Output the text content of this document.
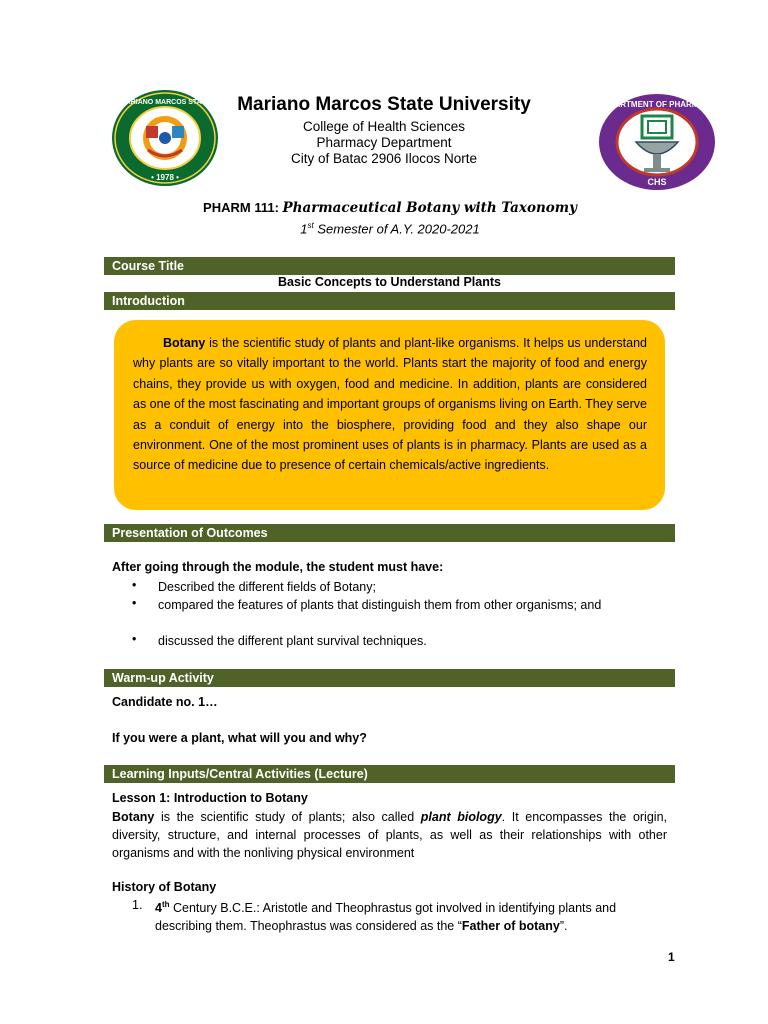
MARIANO MARCOS STATE
• 1978 •
DEPARTMENT OF PHARMACY
CHS
Mariano Marcos State University
College of Health Sciences
Pharmacy Department
City of Batac 2906 Ilocos Norte
PHARM 111: Pharmaceutical Botany with Taxonomy
1st Semester of A.Y. 2020-2021
Course Title
Basic Concepts to Understand Plants
Introduction
Botany is the scientific study of plants and plant-like organisms. It helps us understand why plants are so vitally important to the world. Plants start the majority of food and energy chains, they provide us with oxygen, food and medicine. In addition, plants are considered as one of the most fascinating and important groups of organisms living on Earth. They serve as a conduit of energy into the biosphere, providing food and they also shape our environment. One of the most prominent uses of plants is in pharmacy. Plants are used as a source of medicine due to presence of certain chemicals/active ingredients.
Presentation of Outcomes
After going through the module, the student must have:
• Described the different fields of Botany;
• compared the features of plants that distinguish them from other organisms; and
• discussed the different plant survival techniques.
Warm-up Activity
Candidate no. 1…
If you were a plant, what will you and why?
Learning Inputs/Central Activities (Lecture)
Lesson 1: Introduction to Botany
Botany is the scientific study of plants; also called plant biology. It encompasses the origin, diversity, structure, and internal processes of plants, as well as their relationships with other organisms and with the nonliving physical environment
History of Botany
1. 4th Century B.C.E.: Aristotle and Theophrastus got involved in identifying plants and describing them. Theophrastus was considered as the “Father of botany”.
1
